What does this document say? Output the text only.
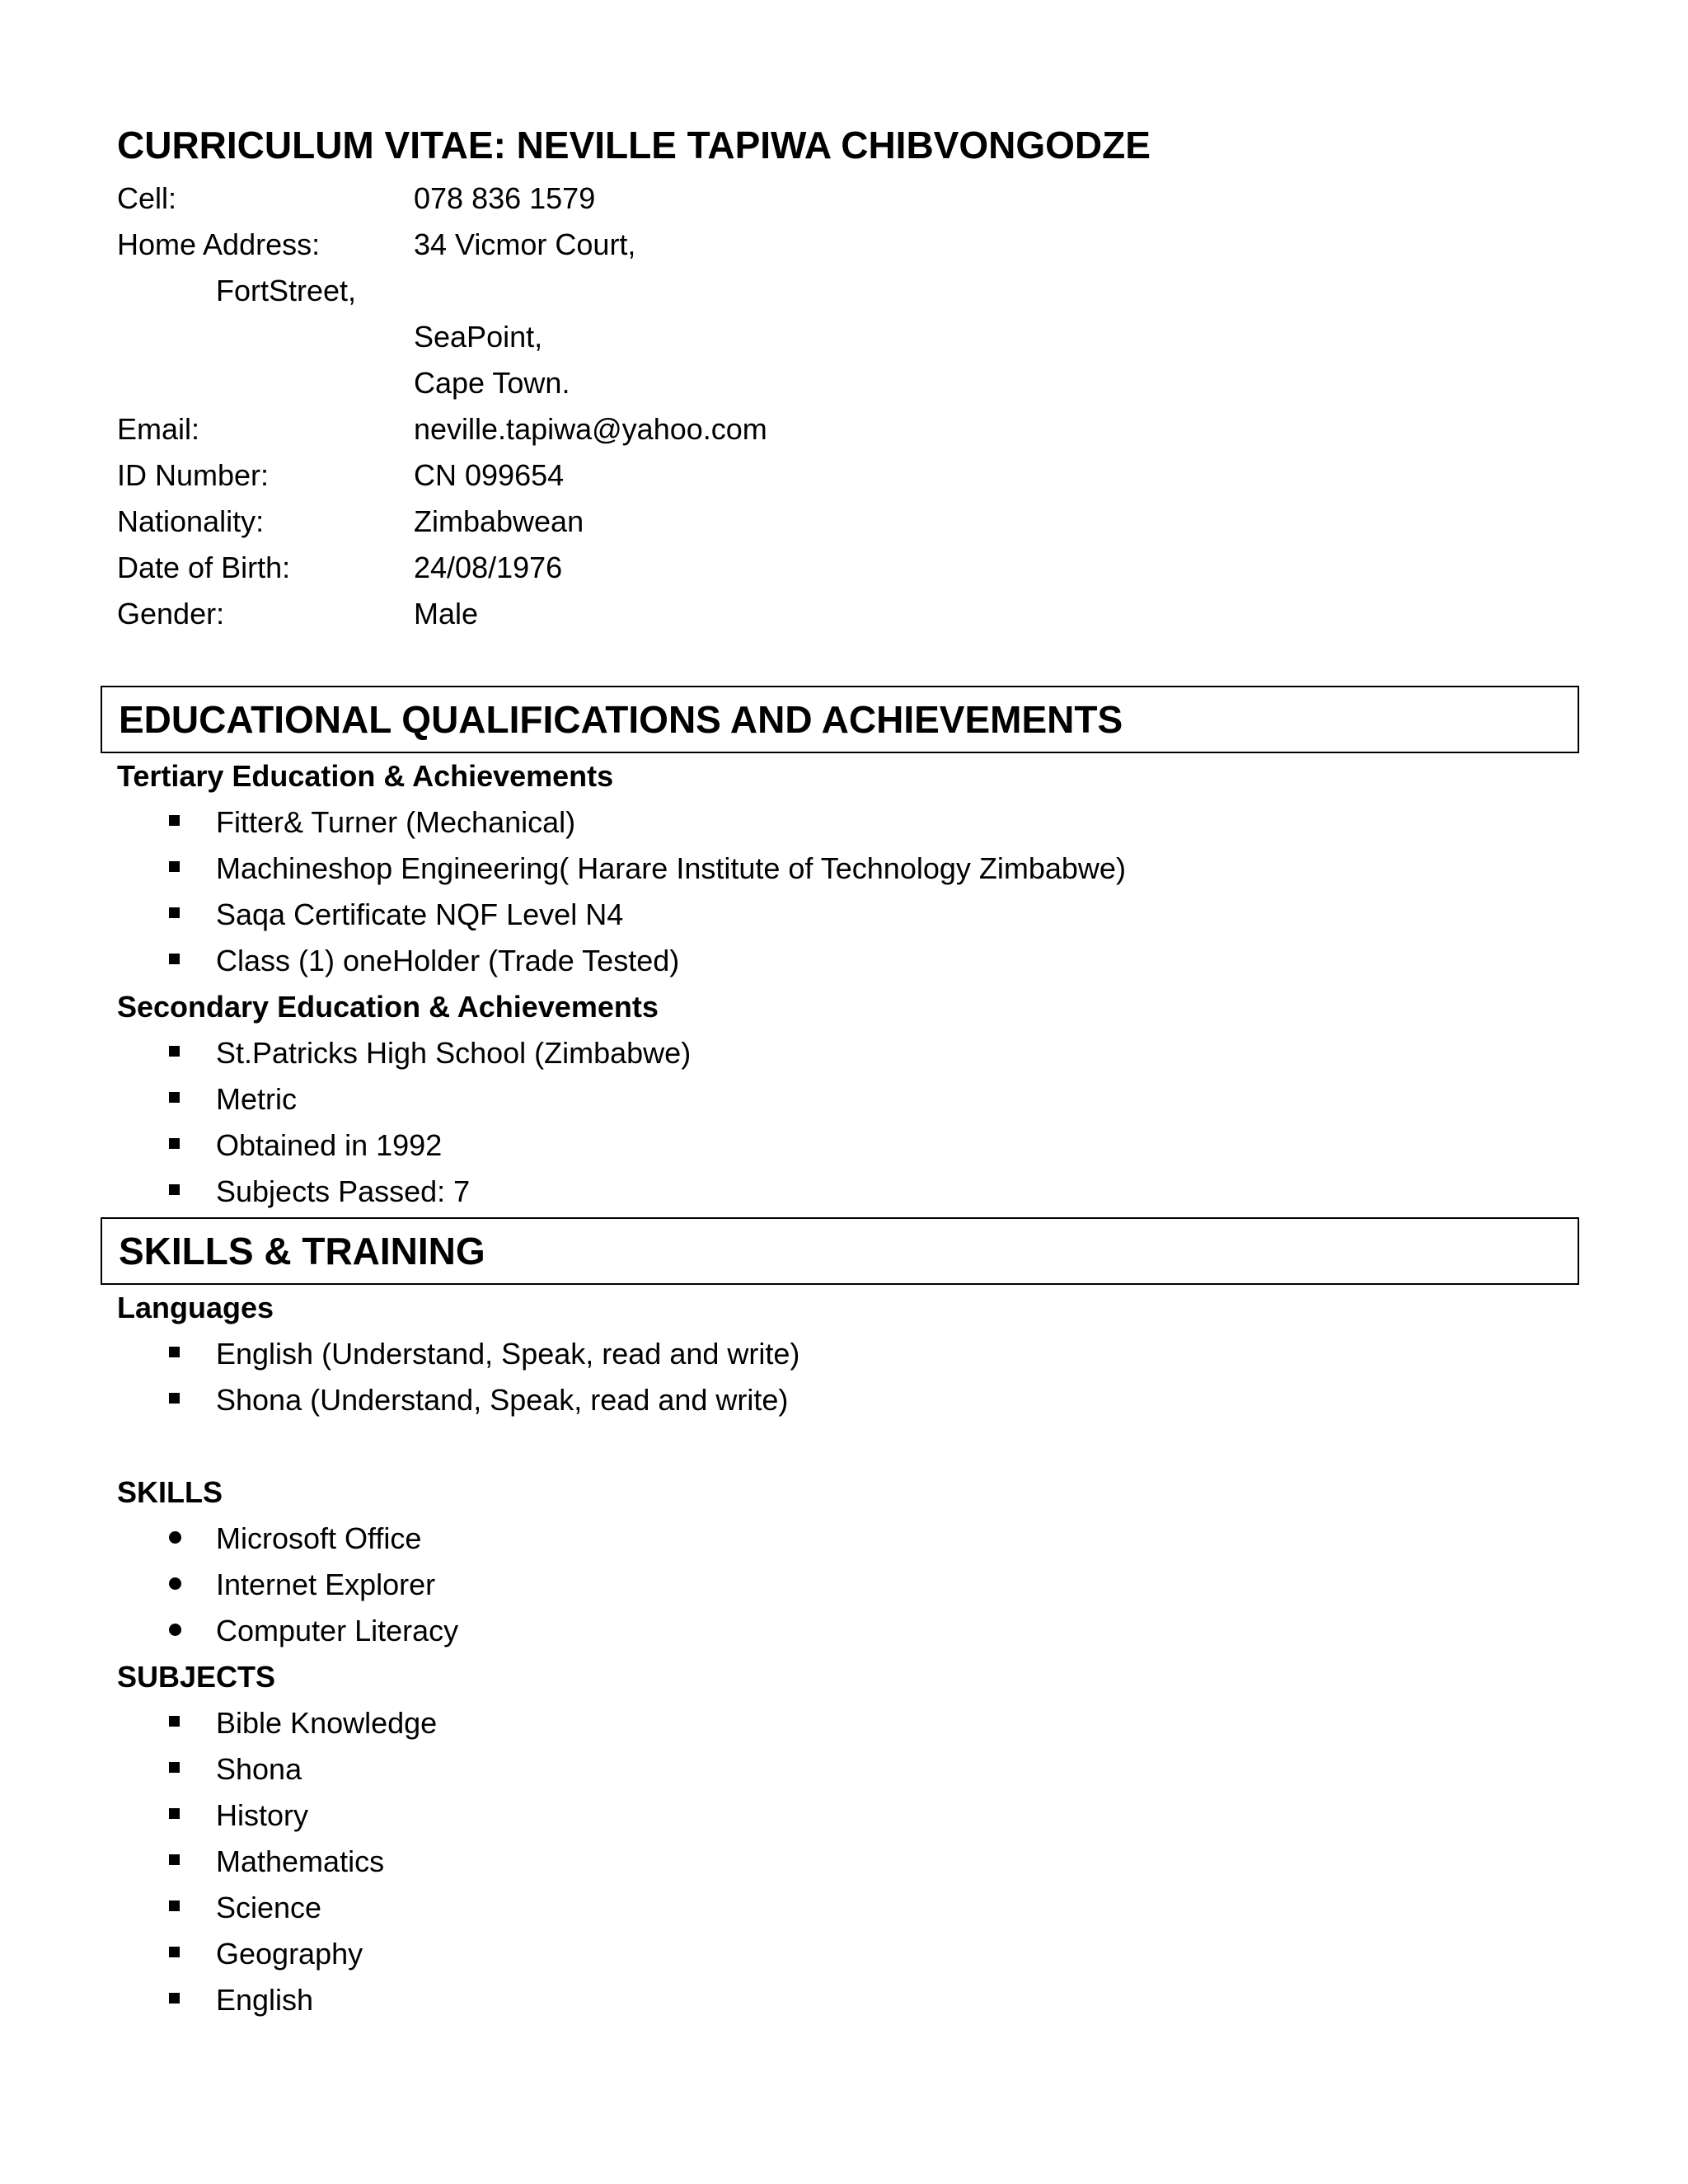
CURRICULUM VITAE: NEVILLE TAPIWA CHIBVONGODZE
Cell:	078 836 1579
Home Address:	34 Vicmor Court,
FortStreet,
SeaPoint,
Cape Town.
Email:	neville.tapiwa@yahoo.com
ID Number:	CN 099654
Nationality:	Zimbabwean
Date of Birth:	24/08/1976
Gender:	Male
EDUCATIONAL QUALIFICATIONS AND ACHIEVEMENTS
Tertiary Education & Achievements
Fitter& Turner (Mechanical)
Machineshop Engineering( Harare Institute of Technology Zimbabwe)
Saqa Certificate NQF Level N4
Class (1) oneHolder (Trade Tested)
Secondary Education & Achievements
St.Patricks High School (Zimbabwe)
Metric
Obtained in 1992
Subjects Passed: 7
SKILLS & TRAINING
Languages
English (Understand, Speak, read and write)
Shona (Understand, Speak, read and write)
SKILLS
Microsoft Office
Internet Explorer
Computer Literacy
SUBJECTS
Bible Knowledge
Shona
History
Mathematics
Science
Geography
English
